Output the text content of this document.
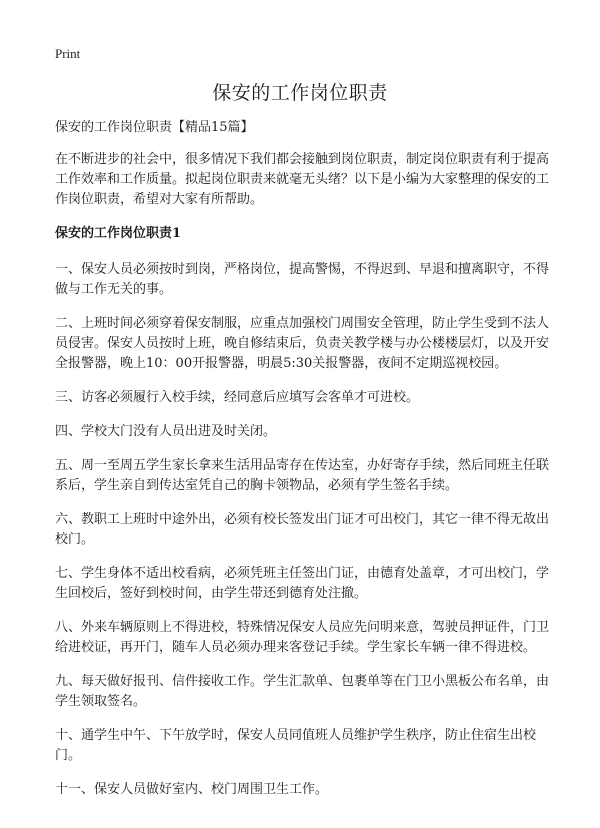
Print
保安的工作岗位职责

保安的工作岗位职责【精品15篇】

在不断进步的社会中，很多情况下我们都会接触到岗位职责，制定岗位职责有利于提高工作效率和工作质量。拟起岗位职责来就毫无头绪？以下是小编为大家整理的保安的工作岗位职责，希望对大家有所帮助。

保安的工作岗位职责1

一、保安人员必须按时到岗，严格岗位，提高警惕，不得迟到、早退和擅离职守，不得做与工作无关的事。

二、上班时间必须穿着保安制服，应重点加强校门周围安全管理，防止学生受到不法人员侵害。保安人员按时上班，晚自修结束后，负责关教学楼与办公楼楼层灯，以及开安全报警器，晚上10：00开报警器，明晨5:30关报警器，夜间不定期巡视校园。

三、访客必须履行入校手续，经同意后应填写会客单才可进校。

四、学校大门没有人员出进及时关闭。

五、周一至周五学生家长拿来生活用品寄存在传达室，办好寄存手续，然后同班主任联系后，学生亲自到传达室凭自己的胸卡领物品，必须有学生签名手续。

六、教职工上班时中途外出，必须有校长签发出门证才可出校门，其它一律不得无故出校门。

七、学生身体不适出校看病，必须凭班主任签出门证，由德育处盖章，才可出校门，学生回校后，签好到校时间，由学生带还到德育处注撤。

八、外来车辆原则上不得进校，特殊情况保安人员应先问明来意，驾驶员押证件，门卫给进校证，再开门，随车人员必须办理来客登记手续。学生家长车辆一律不得进校。

九、每天做好报刊、信件接收工作。学生汇款单、包裹单等在门卫小黑板公布名单，由学生领取签名。

十、通学生中午、下午放学时，保安人员同值班人员维护学生秩序，防止住宿生出校门。

十一、保安人员做好室内、校门周围卫生工作。
